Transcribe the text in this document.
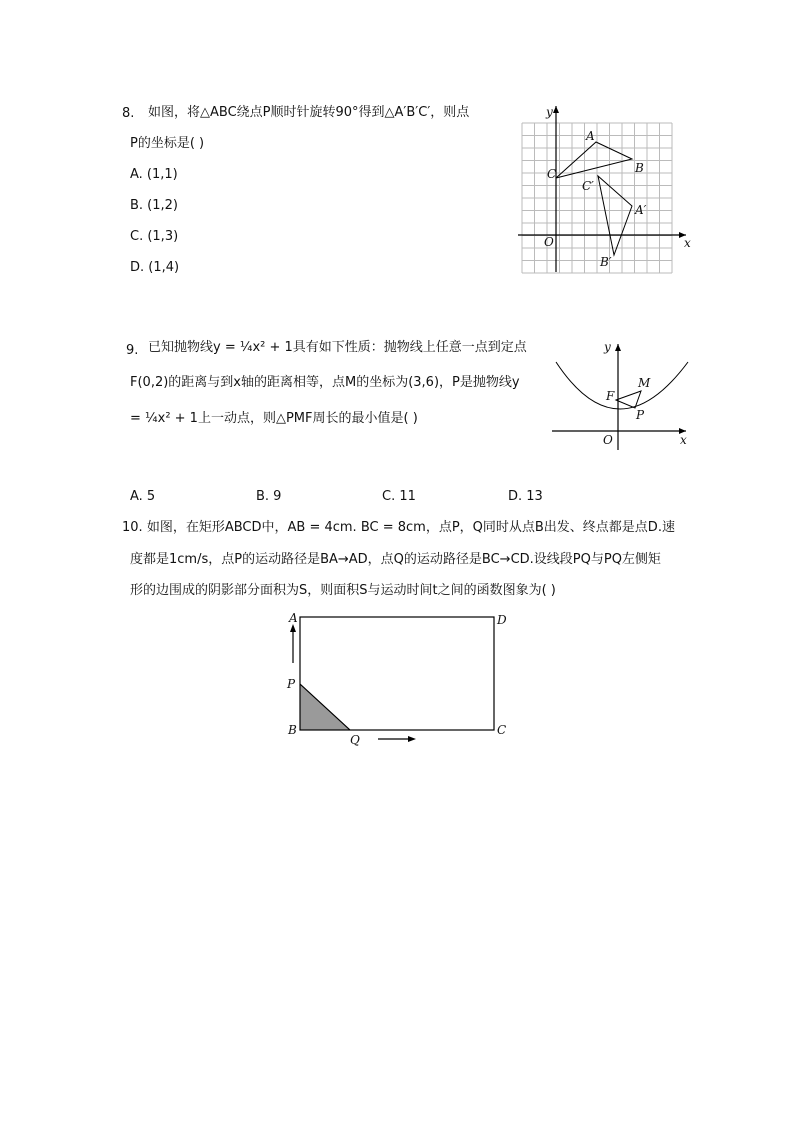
8. 如图，将△ABC绕点P顺时针旋转90°得到△A′B′C′，则点
P的坐标是( )
A. (1,1)
B. (1,2)
C. (1,3)
D. (1,4)
y
x
O
A
B
C
A′
B′
C′
9. 已知抛物线y = ¼x² + 1具有如下性质：抛物线上任意一点到定点
F(0,2)的距离与到x轴的距离相等，点M的坐标为(3,6)，P是抛物线y
= ¼x² + 1上一动点，则△PMF周长的最小值是( )
y
x
O
F
M
P
A. 5	B. 9	C. 11	D. 13
10. 如图，在矩形ABCD中，AB = 4cm. BC = 8cm，点P，Q同时从点B出发、终点都是点D.速
度都是1cm/s，点P的运动路径是BA→AD，点Q的运动路径是BC→CD.设线段PQ与PQ左侧矩
形的边围成的阴影部分面积为S，则面积S与运动时间t之间的函数图象为( )
A
B	C
D
P
Q
